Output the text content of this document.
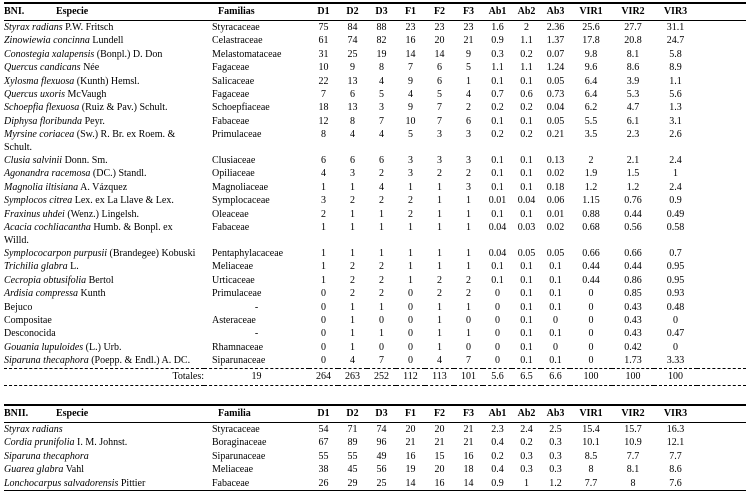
BNI. Especie	Familias	D1	D2	D3	F1	F2	F3	Ab1	Ab2	Ab3	VIR1	VIR2	VIR3	
Styrax radians P.W. Fritsch	Styracaceae	75	84	88	23	23	23	1.6	2	2.36	25.6	27.7	31.1	
Zinowiewia concinna Lundell	Celastraceae	61	74	82	16	20	21	0.9	1.1	1.37	17.8	20.8	24.7	
Conostegia xalapensis (Bonpl.) D. Don	Melastomataceae	31	25	19	14	14	9	0.3	0.2	0.07	9.8	8.1	5.8	
Quercus candicans Née	Fagaceae	10	9	8	7	6	5	1.1	1.1	1.24	9.6	8.6	8.9	
Xylosma flexuosa (Kunth) Hemsl.	Salicaceae	22	13	4	9	6	1	0.1	0.1	0.05	6.4	3.9	1.1	
Quercus uxoris McVaugh	Fagaceae	7	6	5	4	5	4	0.7	0.6	0.73	6.4	5.3	5.6	
Schoepfia flexuosa (Ruiz & Pav.) Schult.	Schoepfiaceae	18	13	3	9	7	2	0.2	0.2	0.04	6.2	4.7	1.3	
Diphysa floribunda Peyr.	Fabaceae	12	8	7	10	7	6	0.1	0.1	0.05	5.5	6.1	3.1	
Myrsine coriacea (Sw.) R. Br. ex Roem. & Schult.	Primulaceae	8	4	4	5	3	3	0.2	0.2	0.21	3.5	2.3	2.6	
Clusia salvinii Donn. Sm.	Clusiaceae	6	6	6	3	3	3	0.1	0.1	0.13	2	2.1	2.4	
Agonandra racemosa (DC.) Standl.	Opiliaceae	4	3	2	3	2	2	0.1	0.1	0.02	1.9	1.5	1	
Magnolia iltisiana A. Vázquez	Magnoliaceae	1	1	4	1	1	3	0.1	0.1	0.18	1.2	1.2	2.4	
Symplocos citrea Lex. ex La Llave & Lex.	Symplocaceae	3	2	2	2	1	1	0.01	0.04	0.06	1.15	0.76	0.9	
Fraxinus uhdei (Wenz.) Lingelsh.	Oleaceae	2	1	1	2	1	1	0.1	0.1	0.01	0.88	0.44	0.49	
Acacia cochliacantha Humb. & Bonpl. ex Willd.	Fabaceae	1	1	1	1	1	1	0.04	0.03	0.02	0.68	0.56	0.58	
Symplococarpon purpusii (Brandegee) Kobuski	Pentaphylacaceae	1	1	1	1	1	1	0.04	0.05	0.05	0.66	0.66	0.7	
Trichilia glabra L.	Meliaceae	1	2	2	1	1	1	0.1	0.1	0.1	0.44	0.44	0.95	
Cecropia obtusifolia Bertol	Urticaceae	1	2	2	1	2	2	0.1	0.1	0.1	0.44	0.86	0.95	
Ardisia compressa Kunth	Primulaceae	0	2	2	0	2	2	0	0.1	0.1	0	0.85	0.93	
Bejuco	-	0	1	1	0	1	1	0	0.1	0.1	0	0.43	0.48	
Compositae	Asteraceae	0	1	0	0	1	0	0	0.1	0	0	0.43	0	
Desconocida	-	0	1	1	0	1	1	0	0.1	0.1	0	0.43	0.47	
Gouania lupuloides (L.) Urb.	Rhamnaceae	0	1	0	0	1	0	0	0.1	0	0	0.42	0	
Siparuna thecaphora (Poepp. & Endl.) A. DC.	Siparunaceae	0	4	7	0	4	7	0	0.1	0.1	0	1.73	3.33	
Totales:	19	264	263	252	112	113	101	5.6	6.5	6.6	100	100	100	
BNII. Especie	Familia	D1	D2	D3	F1	F2	F3	Ab1	Ab2	Ab3	VIR1	VIR2	VIR3	
Styrax radians	Styracaceae	54	71	74	20	20	21	2.3	2.4	2.5	15.4	15.7	16.3	
Cordia prunifolia I. M. Johnst.	Boraginaceae	67	89	96	21	21	21	0.4	0.2	0.3	10.1	10.9	12.1	
Siparuna thecaphora	Siparunaceae	55	55	49	16	15	16	0.2	0.3	0.3	8.5	7.7	7.7	
Guarea glabra Vahl	Meliaceae	38	45	56	19	20	18	0.4	0.3	0.3	8	8.1	8.6	
Lonchocarpus salvadorensis Pittier	Fabaceae	26	29	25	14	16	14	0.9	1	1.2	7.7	8	7.6	
